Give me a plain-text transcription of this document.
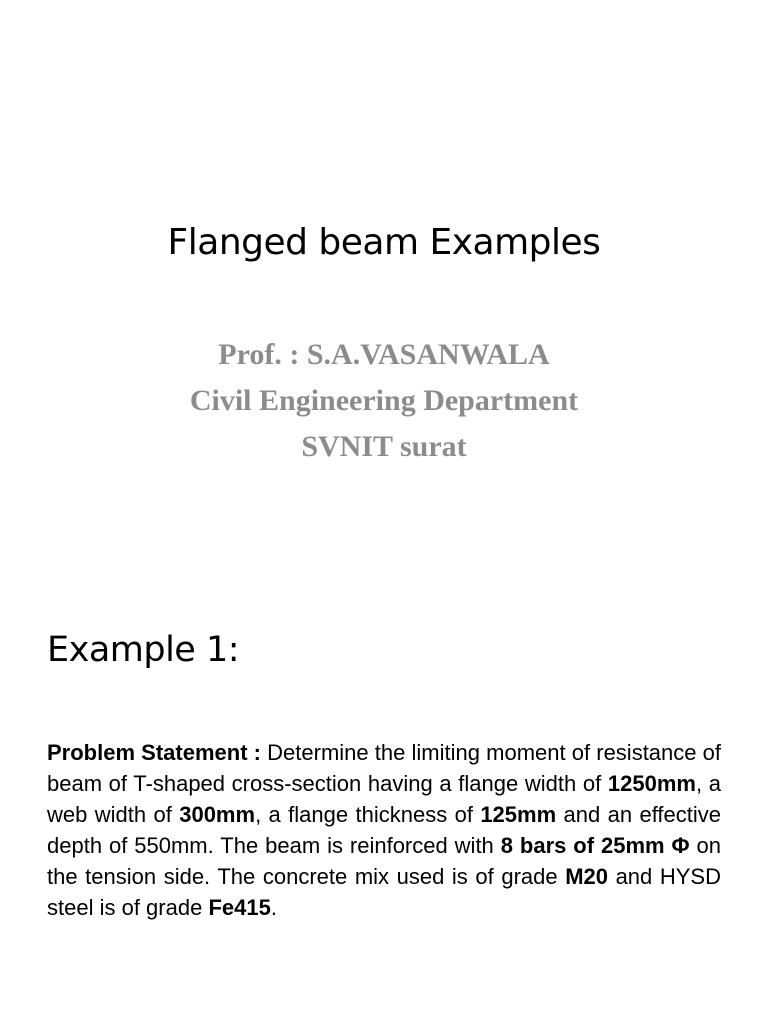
Flanged beam Examples
Prof. : S.A.VASANWALA
Civil Engineering Department
SVNIT surat
Example 1:

Problem Statement : Determine the limiting moment of resistance of beam of T-shaped cross-section having a flange width of 1250mm, a web width of 300mm, a flange thickness of 125mm and an effective depth of 550mm. The beam is reinforced with 8 bars of 25mm Φ on the tension side. The concrete mix used is of grade M20 and HYSD steel is of grade Fe415.
